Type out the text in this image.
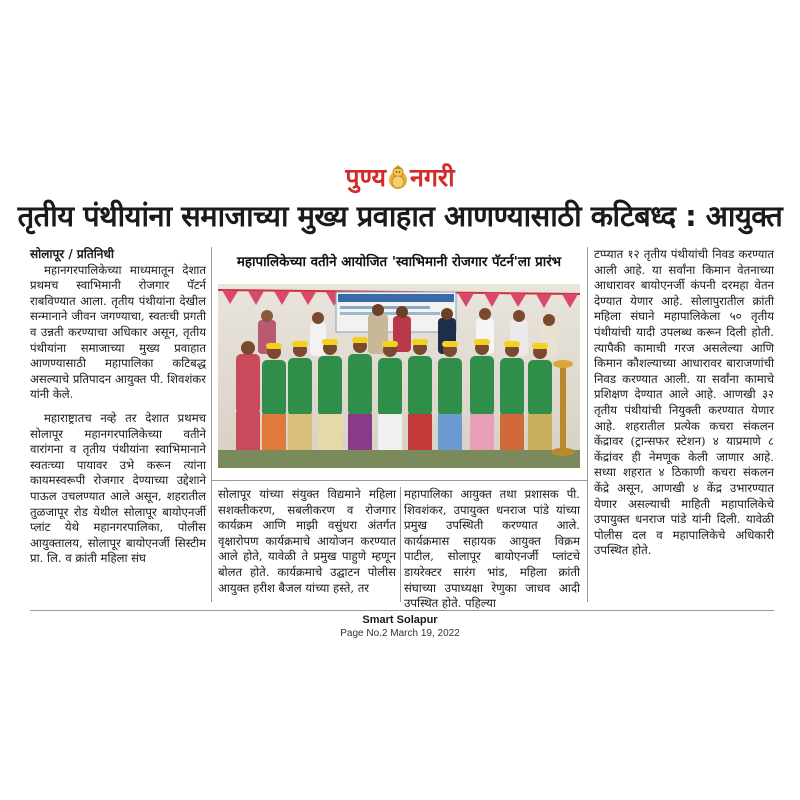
पुण्य नगरी
तृतीय पंथीयांना समाजाच्या मुख्य प्रवाहात आणण्यासाठी कटिबध्द : आयुक्त

सोलापूर / प्रतिनिधी

महानगरपालिकेच्या माध्यमातून देशात प्रथमच स्वाभिमानी रोजगार पॅटर्न राबविण्यात आला. तृतीय पंथीयांना देखील सन्मानाने जीवन जगण्याचा, स्वतःची प्रगती व उन्नती करण्याचा अधिकार असून, तृतीय पंथीयांना समाजाच्या मुख्य प्रवाहात आणण्यासाठी महापालिका कटिबद्ध असल्याचे प्रतिपादन आयुक्त पी. शिवशंकर यांनी केले.

महाराष्ट्रातच नव्हे तर देशात प्रथमच सोलापूर महानगरपालिकेच्या वतीने वारांगना व तृतीय पंथीयांना स्वाभिमानाने स्वतःच्या पायावर उभे करून त्यांना कायमस्वरूपी रोजगार देण्याच्या उद्देशाने पाऊल उचलण्यात आले असून, शहरातील तुळजापूर रोड येथील सोलापूर बायोएनर्जी प्लांट येथे महानगरपालिका, पोलीस आयुक्तालय, सोलापूर बायोएनर्जी सिस्टीम प्रा. लि. व क्रांती महिला संघ

महापालिकेच्या वतीने आयोजित 'स्वाभिमानी रोजगार पॅटर्न'ला प्रारंभ

सोलापूर यांच्या संयुक्त विद्यमाने महिला सशक्तीकरण, सबलीकरण व रोजगार कार्यक्रम आणि माझी वसुंधरा अंतर्गत वृक्षारोपण कार्यक्रमाचे आयोजन करण्यात आले होते, यावेळी ते प्रमुख पाहुणे म्हणून बोलत होते. कार्यक्रमाचे उद्घाटन पोलीस आयुक्त हरीश बैजल यांच्या हस्ते, तर

महापालिका आयुक्त तथा प्रशासक पी. शिवशंकर, उपायुक्त धनराज पांडे यांच्या प्रमुख उपस्थिती करण्यात आले. कार्यक्रमास सहायक आयुक्त विक्रम पाटील, सोलापूर बायोएनर्जी प्लांटचे डायरेक्टर सारंग भांड, महिला क्रांती संघाच्या उपाध्यक्षा रेणुका जाधव आदी उपस्थित होते. पहिल्या

टप्प्यात १२ तृतीय पंथीयांची निवड करण्यात आली आहे. या सर्वांना किमान वेतनाच्या आधारावर बायोएनर्जी कंपनी दरमहा वेतन देण्यात येणार आहे. सोलापुरातील क्रांती महिला संघाने महापालिकेला ५० तृतीय पंथीयांची यादी उपलब्ध करून दिली होती. त्यापैकी कामाची गरज असलेल्या आणि किमान कौशल्याच्या आधारावर बाराजणांची निवड करण्यात आली. या सर्वांना कामाचे प्रशिक्षण देण्यात आले आहे. आणखी ३२ तृतीय पंथीयांची नियुक्ती करण्यात येणार आहे. शहरातील प्रत्येक कचरा संकलन केंद्रावर (ट्रान्सफर स्टेशन) ४ याप्रमाणे ८ केंद्रांवर ही नेमणूक केली जाणार आहे. सध्या शहरात ४ ठिकाणी कचरा संकलन केंद्रे असून, आणखी ४ केंद्र उभारण्यात येणार असल्याची माहिती महापालिकेचे उपायुक्त धनराज पांडे यांनी दिली. यावेळी पोलीस दल व महापालिकेचे अधिकारी उपस्थित होते.

Smart Solapur
Page No.2 March 19, 2022
